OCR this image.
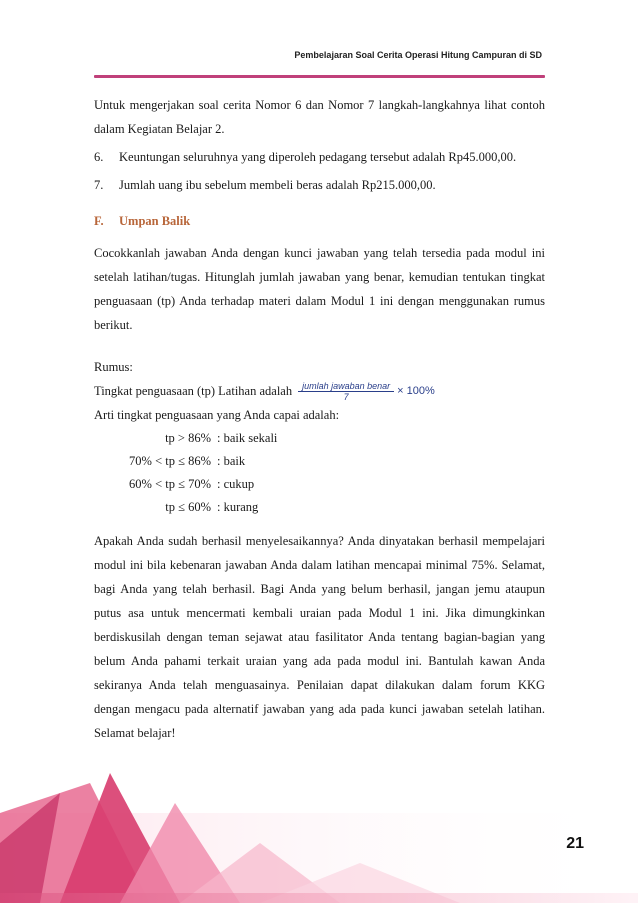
Pembelajaran Soal Cerita Operasi Hitung Campuran di SD

Untuk mengerjakan soal cerita Nomor 6 dan Nomor 7 langkah-langkahnya lihat contoh dalam Kegiatan Belajar 2.

6.	Keuntungan seluruhnya yang diperoleh pedagang tersebut adalah Rp45.000,00.
7.	Jumlah uang ibu sebelum membeli beras adalah Rp215.000,00.
F.	Umpan Balik

Cocokkanlah jawaban Anda dengan kunci jawaban yang telah tersedia pada modul ini setelah latihan/tugas. Hitunglah jumlah jawaban yang benar, kemudian tentukan tingkat penguasaan (tp) Anda terhadap materi dalam Modul 1 ini dengan menggunakan rumus berikut.

Rumus:
Tingkat penguasaan (tp) Latihan adalah $\frac{\text{jumlah jawaban benar}}{7} \times 100\%$
Arti tingkat penguasaan yang Anda capai adalah:
tp > 86% : baik sekali
70% < tp ≤ 86% : baik
60% < tp ≤ 70% : cukup
tp ≤ 60% : kurang

Apakah Anda sudah berhasil menyelesaikannya? Anda dinyatakan berhasil mempelajari modul ini bila kebenaran jawaban Anda dalam latihan mencapai minimal 75%. Selamat, bagi Anda yang telah berhasil. Bagi Anda yang belum berhasil, jangan jemu ataupun putus asa untuk mencermati kembali uraian pada Modul 1 ini. Jika dimungkinkan berdiskusilah dengan teman sejawat atau fasilitator Anda tentang bagian-bagian yang belum Anda pahami terkait uraian yang ada pada modul ini. Bantulah kawan Anda sekiranya Anda telah menguasainya. Penilaian dapat dilakukan dalam forum KKG dengan mengacu pada alternatif jawaban yang ada pada kunci jawaban setelah latihan. Selamat belajar!

21
